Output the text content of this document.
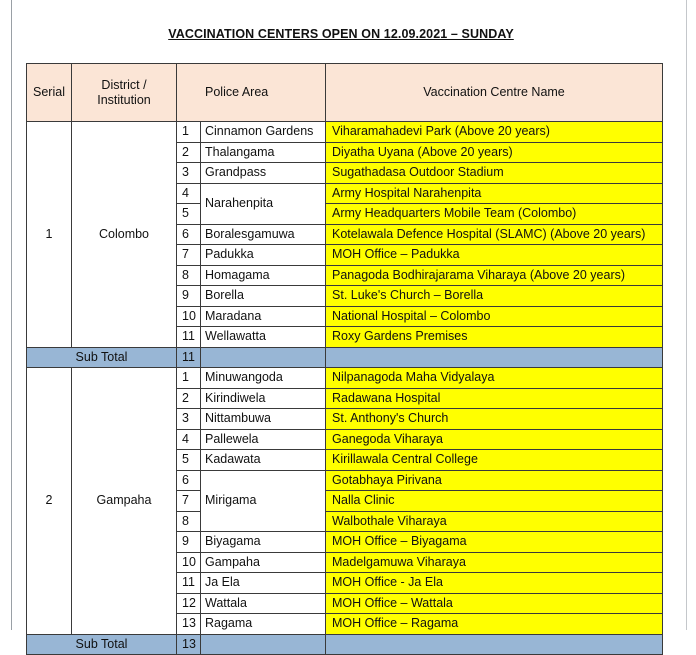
VACCINATION CENTERS OPEN ON 12.09.2021 – SUNDAY
Serial	District / Institution	Police Area		Vaccination Centre Name
1	Colombo	1	Cinnamon Gardens	Viharamahadevi Park (Above 20 years)
		2	Thalangama	Diyatha Uyana (Above 20 years)
		3	Grandpass	Sugathadasa Outdoor Stadium
		4	Narahenpita	Army Hospital Narahenpita
		5		Army Headquarters Mobile Team (Colombo)
		6	Boralesgamuwa	Kotelawala Defence Hospital (SLAMC) (Above 20 years)
		7	Padukka	MOH Office – Padukka
		8	Homagama	Panagoda Bodhirajarama Viharaya (Above 20 years)
		9	Borella	St. Luke's Church – Borella
		10	Maradana	National Hospital – Colombo
		11	Wellawatta	Roxy Gardens Premises
Sub Total		11		
2	Gampaha	1	Minuwangoda	Nilpanagoda Maha Vidyalaya
		2	Kirindiwela	Radawana Hospital
		3	Nittambuwa	St. Anthony's Church
		4	Pallewela	Ganegoda Viharaya
		5	Kadawata	Kirillawala Central College
		6	Mirigama	Gotabhaya Pirivana
		7		Nalla Clinic
		8		Walbothale Viharaya
		9	Biyagama	MOH Office – Biyagama
		10	Gampaha	Madelgamuwa Viharaya
		11	Ja Ela	MOH Office - Ja Ela
		12	Wattala	MOH Office – Wattala
		13	Ragama	MOH Office – Ragama
Sub Total		13		
